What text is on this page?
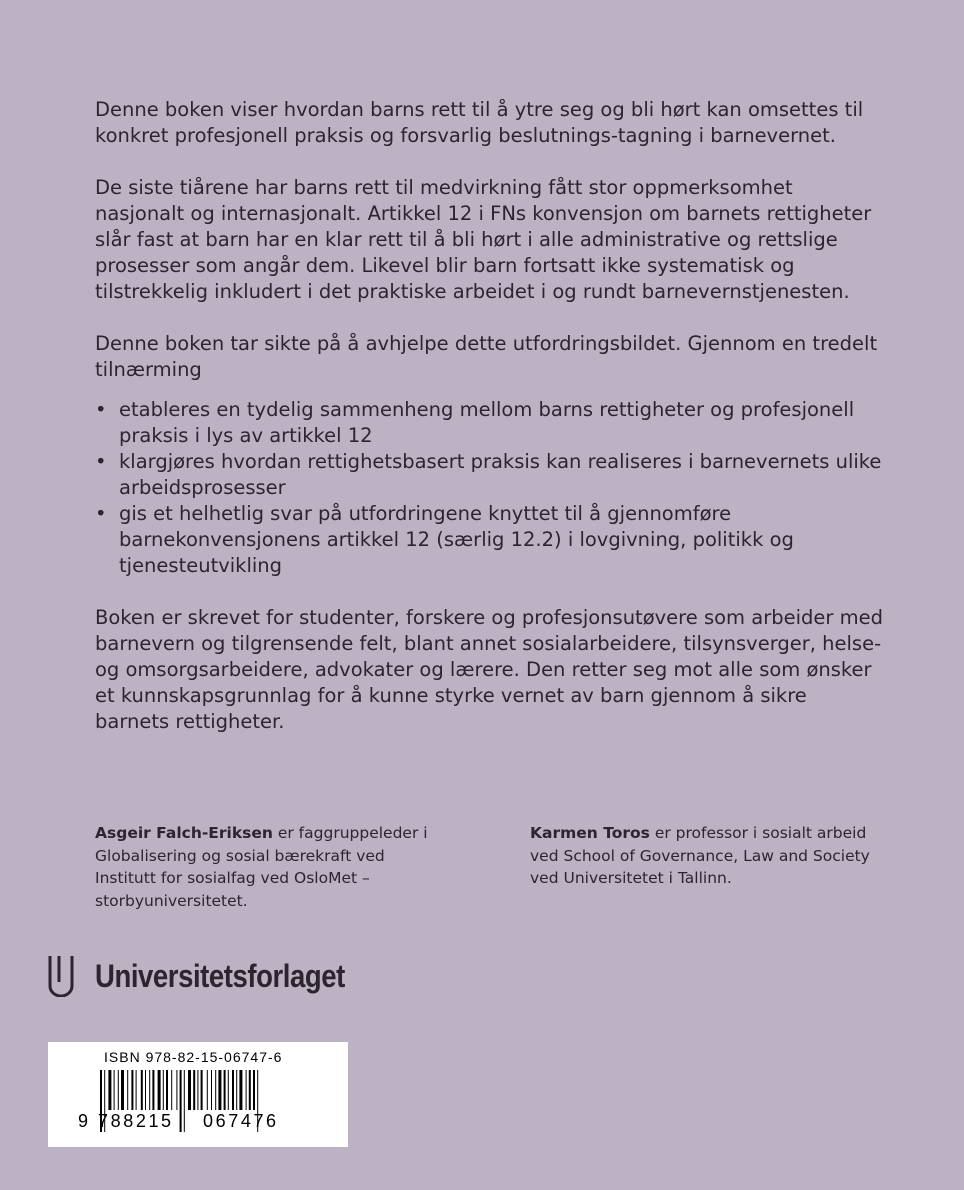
Denne boken viser hvordan barns rett til å ytre seg og bli hørt kan omsettes til konkret profesjonell praksis og forsvarlig beslutnings-tagning i barnevernet.

De siste tiårene har barns rett til medvirkning fått stor oppmerksomhet nasjonalt og internasjonalt. Artikkel 12 i FNs konvensjon om barnets rettigheter slår fast at barn har en klar rett til å bli hørt i alle administrative og rettslige prosesser som angår dem. Likevel blir barn fortsatt ikke systematisk og tilstrekkelig inkludert i det praktiske arbeidet i og rundt barnevernstjenesten.

Denne boken tar sikte på å avhjelpe dette utfordringsbildet. Gjennom en tredelt tilnærming

• etableres en tydelig sammenheng mellom barns rettigheter og profesjonell praksis i lys av artikkel 12
• klargjøres hvordan rettighetsbasert praksis kan realiseres i barnevernets ulike arbeidsprosesser
• gis et helhetlig svar på utfordringene knyttet til å gjennomføre barnekonvensjonens artikkel 12 (særlig 12.2) i lovgivning, politikk og tjenesteutvikling

Boken er skrevet for studenter, forskere og profesjonsutøvere som arbeider med barnevern og tilgrensende felt, blant annet sosialarbeidere, tilsynsverger, helse- og omsorgsarbeidere, advokater og lærere. Den retter seg mot alle som ønsker et kunnskapsgrunnlag for å kunne styrke vernet av barn gjennom å sikre barnets rettigheter.

Asgeir Falch-Eriksen er faggruppeleder i Globalisering og sosial bærekraft ved Institutt for sosialfag ved OsloMet – storbyuniversitetet.
Karmen Toros er professor i sosialt arbeid ved School of Governance, Law and Society ved Universitetet i Tallinn.
Universitetsforlaget
ISBN 978-82-15-06747-6
9 788215 067476
